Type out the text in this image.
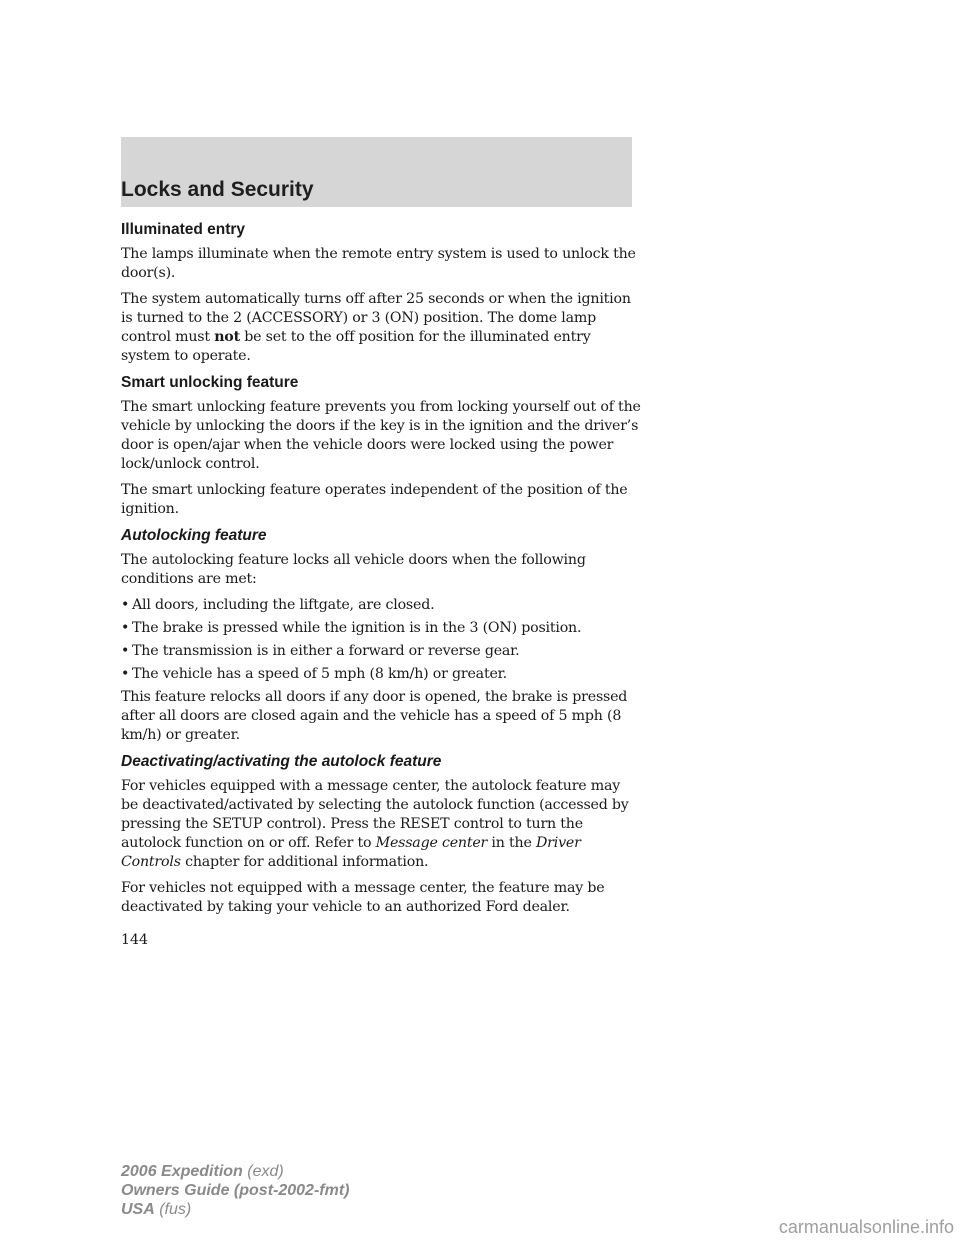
Locks and Security
Illuminated entry

The lamps illuminate when the remote entry system is used to unlock the door(s).

The system automatically turns off after 25 seconds or when the ignition is turned to the 2 (ACCESSORY) or 3 (ON) position. The dome lamp control must not be set to the off position for the illuminated entry system to operate.

Smart unlocking feature

The smart unlocking feature prevents you from locking yourself out of the vehicle by unlocking the doors if the key is in the ignition and the driver’s door is open/ajar when the vehicle doors were locked using the power lock/unlock control.

The smart unlocking feature operates independent of the position of the ignition.

Autolocking feature

The autolocking feature locks all vehicle doors when the following conditions are met:

• All doors, including the liftgate, are closed.
• The brake is pressed while the ignition is in the 3 (ON) position.
• The transmission is in either a forward or reverse gear.
• The vehicle has a speed of 5 mph (8 km/h) or greater.

This feature relocks all doors if any door is opened, the brake is pressed after all doors are closed again and the vehicle has a speed of 5 mph (8 km/h) or greater.

Deactivating/activating the autolock feature

For vehicles equipped with a message center, the autolock feature may be deactivated/activated by selecting the autolock function (accessed by pressing the SETUP control). Press the RESET control to turn the autolock function on or off. Refer to Message center in the Driver Controls chapter for additional information.

For vehicles not equipped with a message center, the feature may be deactivated by taking your vehicle to an authorized Ford dealer.

144
2006 Expedition (exd)
Owners Guide (post-2002-fmt)
USA (fus)
carmanualsonline.info
